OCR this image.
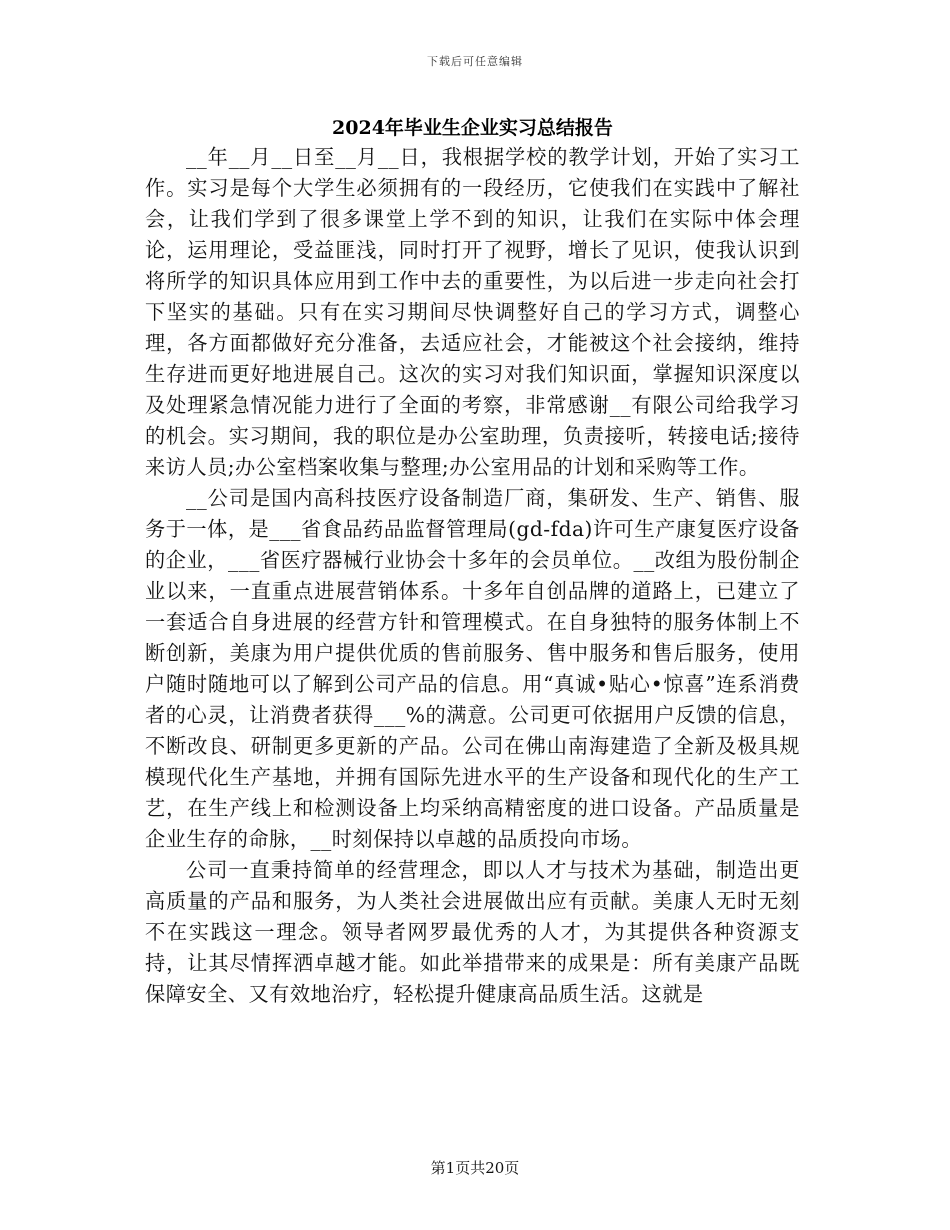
下载后可任意编辑
2024年毕业生企业实习总结报告

__年__月__日至__月__日，我根据学校的教学计划，开始了实习工作。实习是每个大学生必须拥有的一段经历，它使我们在实践中了解社会，让我们学到了很多课堂上学不到的知识，让我们在实际中体会理论，运用理论，受益匪浅，同时打开了视野，增长了见识，使我认识到将所学的知识具体应用到工作中去的重要性，为以后进一步走向社会打下坚实的基础。只有在实习期间尽快调整好自己的学习方式，调整心理，各方面都做好充分准备，去适应社会，才能被这个社会接纳，维持生存进而更好地进展自己。这次的实习对我们知识面，掌握知识深度以及处理紧急情况能力进行了全面的考察，非常感谢__有限公司给我学习的机会。实习期间，我的职位是办公室助理，负责接听，转接电话;接待来访人员;办公室档案收集与整理;办公室用品的计划和采购等工作。

__公司是国内高科技医疗设备制造厂商，集研发、生产、销售、服务于一体，是___省食品药品监督管理局(gd-fda)许可生产康复医疗设备的企业，___省医疗器械行业协会十多年的会员单位。__改组为股份制企业以来，一直重点进展营销体系。十多年自创品牌的道路上，已建立了一套适合自身进展的经营方针和管理模式。在自身独特的服务体制上不断创新，美康为用户提供优质的售前服务、售中服务和售后服务，使用户随时随地可以了解到公司产品的信息。用“真诚•贴心•惊喜”连系消费者的心灵，让消费者获得___%的满意。公司更可依据用户反馈的信息，不断改良、研制更多更新的产品。公司在佛山南海建造了全新及极具规模现代化生产基地，并拥有国际先进水平的生产设备和现代化的生产工艺，在生产线上和检测设备上均采纳高精密度的进口设备。产品质量是企业生存的命脉，__时刻保持以卓越的品质投向市场。

公司一直秉持简单的经营理念，即以人才与技术为基础，制造出更高质量的产品和服务，为人类社会进展做出应有贡献。美康人无时无刻不在实践这一理念。领导者网罗最优秀的人才，为其提供各种资源支持，让其尽情挥洒卓越才能。如此举措带来的成果是：所有美康产品既保障安全、又有效地治疗，轻松提升健康高品质生活。这就是

第1页共20页
